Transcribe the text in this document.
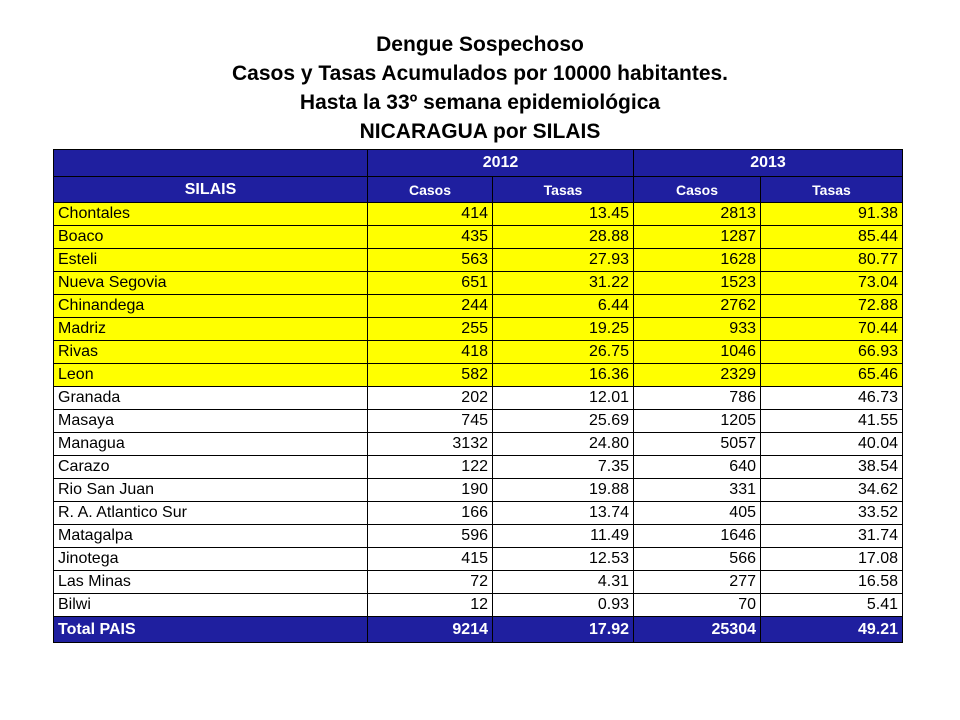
Dengue Sospechoso

Casos y Tasas Acumulados por 10000 habitantes.

Hasta la 33º semana epidemiológica

NICARAGUA por SILAIS

	2012		2013	
SILAIS	Casos	Tasas	Casos	Tasas
Chontales	414	13.45	2813	91.38
Boaco	435	28.88	1287	85.44
Esteli	563	27.93	1628	80.77
Nueva Segovia	651	31.22	1523	73.04
Chinandega	244	6.44	2762	72.88
Madriz	255	19.25	933	70.44
Rivas	418	26.75	1046	66.93
Leon	582	16.36	2329	65.46
Granada	202	12.01	786	46.73
Masaya	745	25.69	1205	41.55
Managua	3132	24.80	5057	40.04
Carazo	122	7.35	640	38.54
Rio San Juan	190	19.88	331	34.62
R. A. Atlantico Sur	166	13.74	405	33.52
Matagalpa	596	11.49	1646	31.74
Jinotega	415	12.53	566	17.08
Las Minas	72	4.31	277	16.58
Bilwi	12	0.93	70	5.41
Total PAIS	9214	17.92	25304	49.21
